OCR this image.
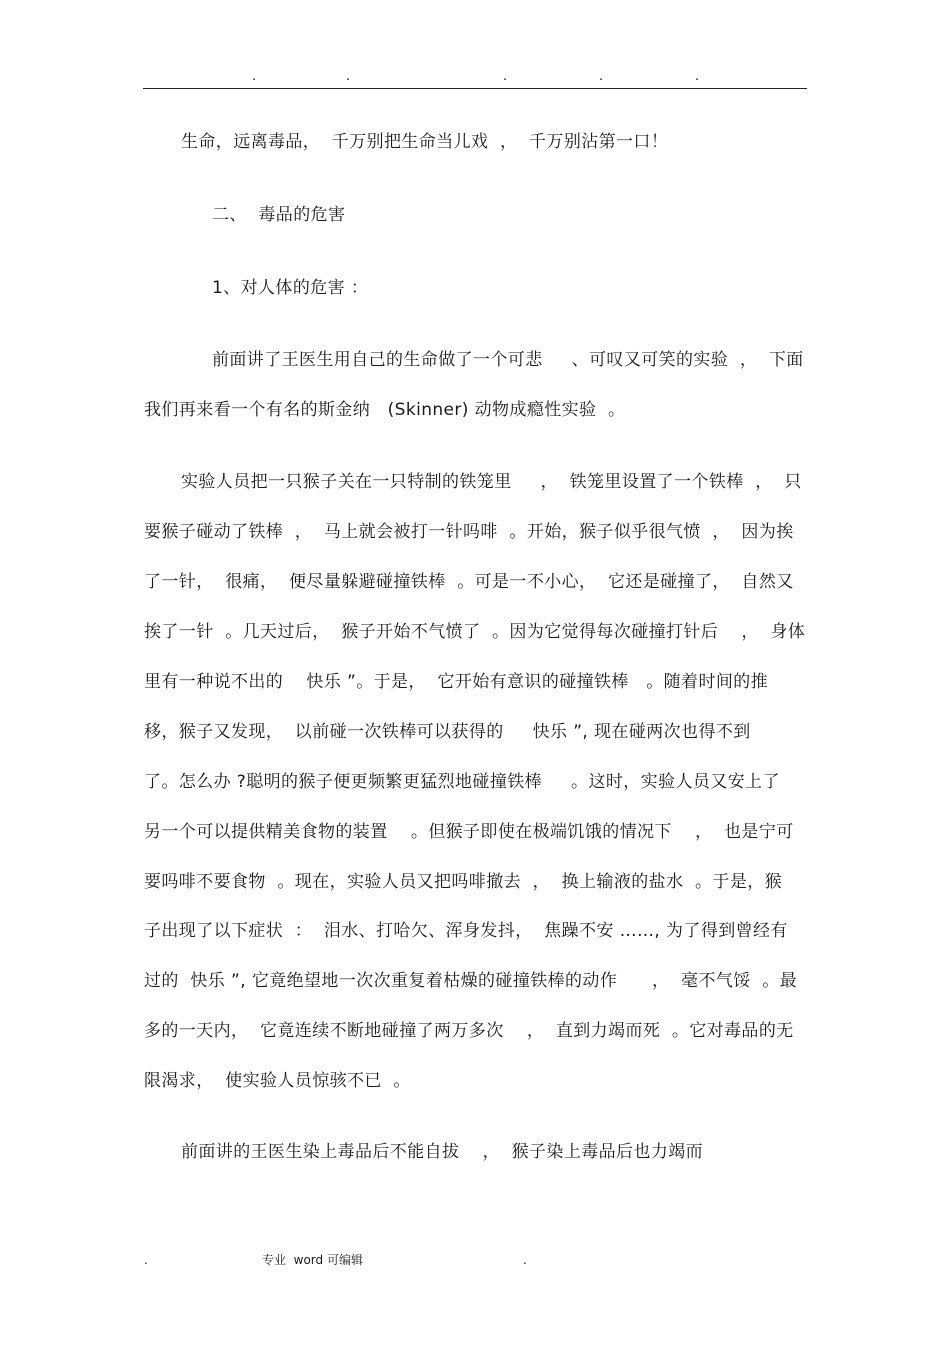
.	.	.	.	.
生命，远离毒品，  千万别把生命当儿戏  ，  千万别沾第一口！
二、  毒品的危害
1、对人体的危害 ：
前面讲了王医生用自己的生命做了一个可悲     、可叹又可笑的实验  ，  下面
我们再来看一个有名的斯金纳   (Skinner) 动物成瘾性实验  。
实验人员把一只猴子关在一只特制的铁笼里     ，  铁笼里设置了一个铁棒  ，  只
要猴子碰动了铁棒  ，  马上就会被打一针吗啡  。开始，猴子似乎很气愤  ，  因为挨
了一针，  很痛，  便尽量躲避碰撞铁棒  。可是一不小心，  它还是碰撞了，  自然又
挨了一针  。几天过后，  猴子开始不气愤了  。因为它觉得每次碰撞打针后    ，  身体
里有一种说不出的    快乐 ”。于是，  它开始有意识的碰撞铁棒   。随着时间的推
移，猴子又发现，  以前碰一次铁棒可以获得的     快乐 ”, 现在碰两次也得不到
了。怎么办 ?聪明的猴子便更频繁更猛烈地碰撞铁棒     。这时，实验人员又安上了
另一个可以提供精美食物的装置    。但猴子即使在极端饥饿的情况下    ，  也是宁可
要吗啡不要食物  。现在，实验人员又把吗啡撤去  ，  换上输液的盐水  。于是，猴
子出现了以下症状  ：  泪水、打哈欠、浑身发抖，  焦躁不安 ……, 为了得到曾经有
过的  快乐 ”, 它竟绝望地一次次重复着枯燥的碰撞铁棒的动作      ，  毫不气馁  。最
多的一天内，  它竟连续不断地碰撞了两万多次    ，  直到力竭而死  。它对毒品的无
限渴求，  使实验人员惊骇不已  。
前面讲的王医生染上毒品后不能自拔    ，  猴子染上毒品后也力竭而
.	专业  word 可编辑	.
